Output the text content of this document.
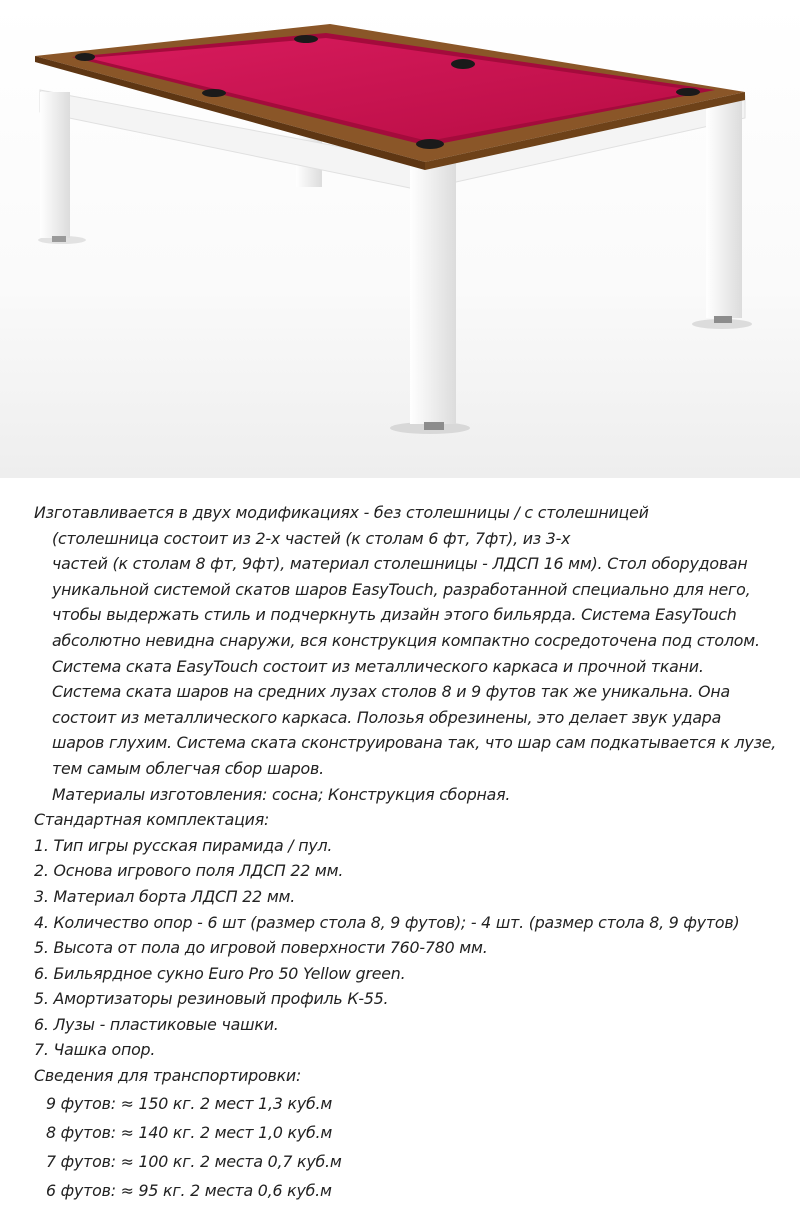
Изготавливается в двух модификациях - без столешницы / с столешницей
(столешница состоит из 2-х частей (к столам 6 фт, 7фт), из 3-х
частей (к столам 8 фт, 9фт), материал столешницы - ЛДСП 16 мм). Стол оборудован
уникальной системой скатов шаров EasyTouch, разработанной специально для него,
чтобы выдержать стиль и подчеркнуть дизайн этого бильярда. Система EasyTouch
абсолютно невидна снаружи, вся конструкция компактно сосредоточена под столом.
Система ската EasyTouch состоит из металлического каркаса и прочной ткани.
Система ската шаров на средних лузах столов 8 и 9 футов так же уникальна. Она
состоит из металлического каркаса. Полозья обрезинены, это делает звук удара
шаров глухим. Система ската сконструирована так, что шар сам подкатывается к лузе,
тем самым облегчая сбор шаров.
Материалы изготовления: сосна; Конструкция сборная.
Стандартная комплектация:
1. Тип игры русская пирамида / пул.
2. Основа игрового поля ЛДСП 22 мм.
3. Материал борта ЛДСП 22 мм.
4. Количество опор - 6 шт (размер стола 8, 9 футов); - 4 шт. (размер стола 8, 9 футов)
5. Высота от пола до игровой поверхности 760-780 мм.
6. Бильярдное сукно Euro Pro 50 Yellow green.
5. Амортизаторы резиновый профиль К-55.
6. Лузы - пластиковые чашки.
7. Чашка опор.
Сведения для транспортировки:
9 футов: ≈ 150 кг. 2 мест 1,3 куб.м
8 футов: ≈ 140 кг. 2 мест 1,0 куб.м
7 футов: ≈ 100 кг. 2 места 0,7 куб.м
6 футов: ≈ 95 кг. 2 места 0,6 куб.м
